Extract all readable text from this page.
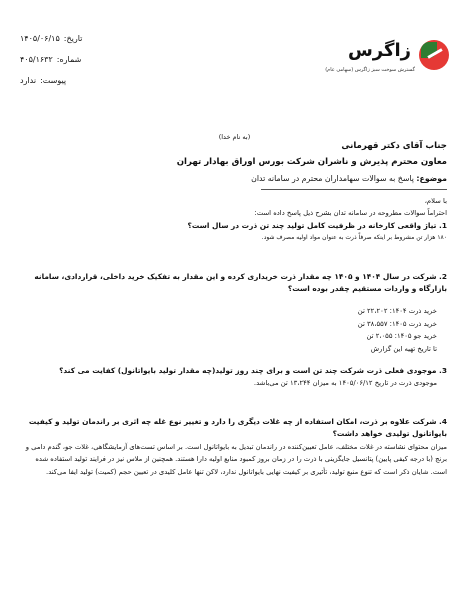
زاگرس
گسترش سوخت سبز زاگرس (سهامی عام)
تاریخ:
۱۴۰۵/۰۶/۱۵
شماره:
۴۰۵/۱۶۳۲
پیوست:
ندارد
(به نام خدا)
جناب آقای دکتر قهرمانی
معاون محترم پذیرش و ناشران شرکت بورس اوراق بهادار تهران
موضوع: پاسخ به سوالات سهامداران محترم در سامانه تدان

با سلام،

احتراماً سوالات مطروحه در سامانه تدان بشرح ذیل پاسخ داده است:

1. تیاژ واقعی کارخانه در ظرفیت کامل تولید چند تن ذرت در سال است؟

۱۸۰ هزار تن مشروط بر اینکه صرفاً ذرت به عنوان مواد اولیه مصرف شود.

2. شرکت در سال ۱۴۰۴ و ۱۴۰۵ چه مقدار ذرت خریداری کرده و این مقدار به تفکیک خرید داخلی، قراردادی، سامانه بازارگاه و واردات مستقیم چقدر بوده است؟

خرید ذرت ۱۴۰۴: ۲۲،۲۰۲ تن

خرید ذرت ۱۴۰۵: ۳۸،۵۵۷ تن

خرید جو ۱۴۰۵: ۲،۰۵۵ تن

تا تاریخ تهیه این گزارش

3. موجودی فعلی ذرت شرکت چند تن است و برای چند روز تولید(چه مقدار تولید بایواتانول) کفایت می کند؟

موجودی ذرت در تاریخ ۱۴۰۵/۰۶/۱۲ به میزان ۱۳،۲۴۴ تن می‌باشد.

4. شرکت علاوه بر ذرت، امکان استفاده از چه غلات دیگری را دارد و تغییر نوع غله چه اثری بر راندمان تولید و کیفیت بایواتانول تولیدی خواهد داشت؟

میزان محتوای نشاسته در غلات مختلف، عامل تعیین‌کننده در راندمان تبدیل به بایواتانول است. بر اساس تست‌های آزمایشگاهی، غلات جو، گندم دامی و برنج (با درجه کیفی پایین) پتانسیل جایگزینی با ذرت را در زمان بروز کمبود منابع اولیه دارا هستند. همچنین از ملاس نیز در فرایند تولید استفاده شده است. شایان ذکر است که تنوع منبع تولید، تأثیری بر کیفیت نهایی بایواتانول ندارد، لاکن تنها عامل کلیدی در تعیین حجم (کمیت) تولید ایفا می‌کند.
